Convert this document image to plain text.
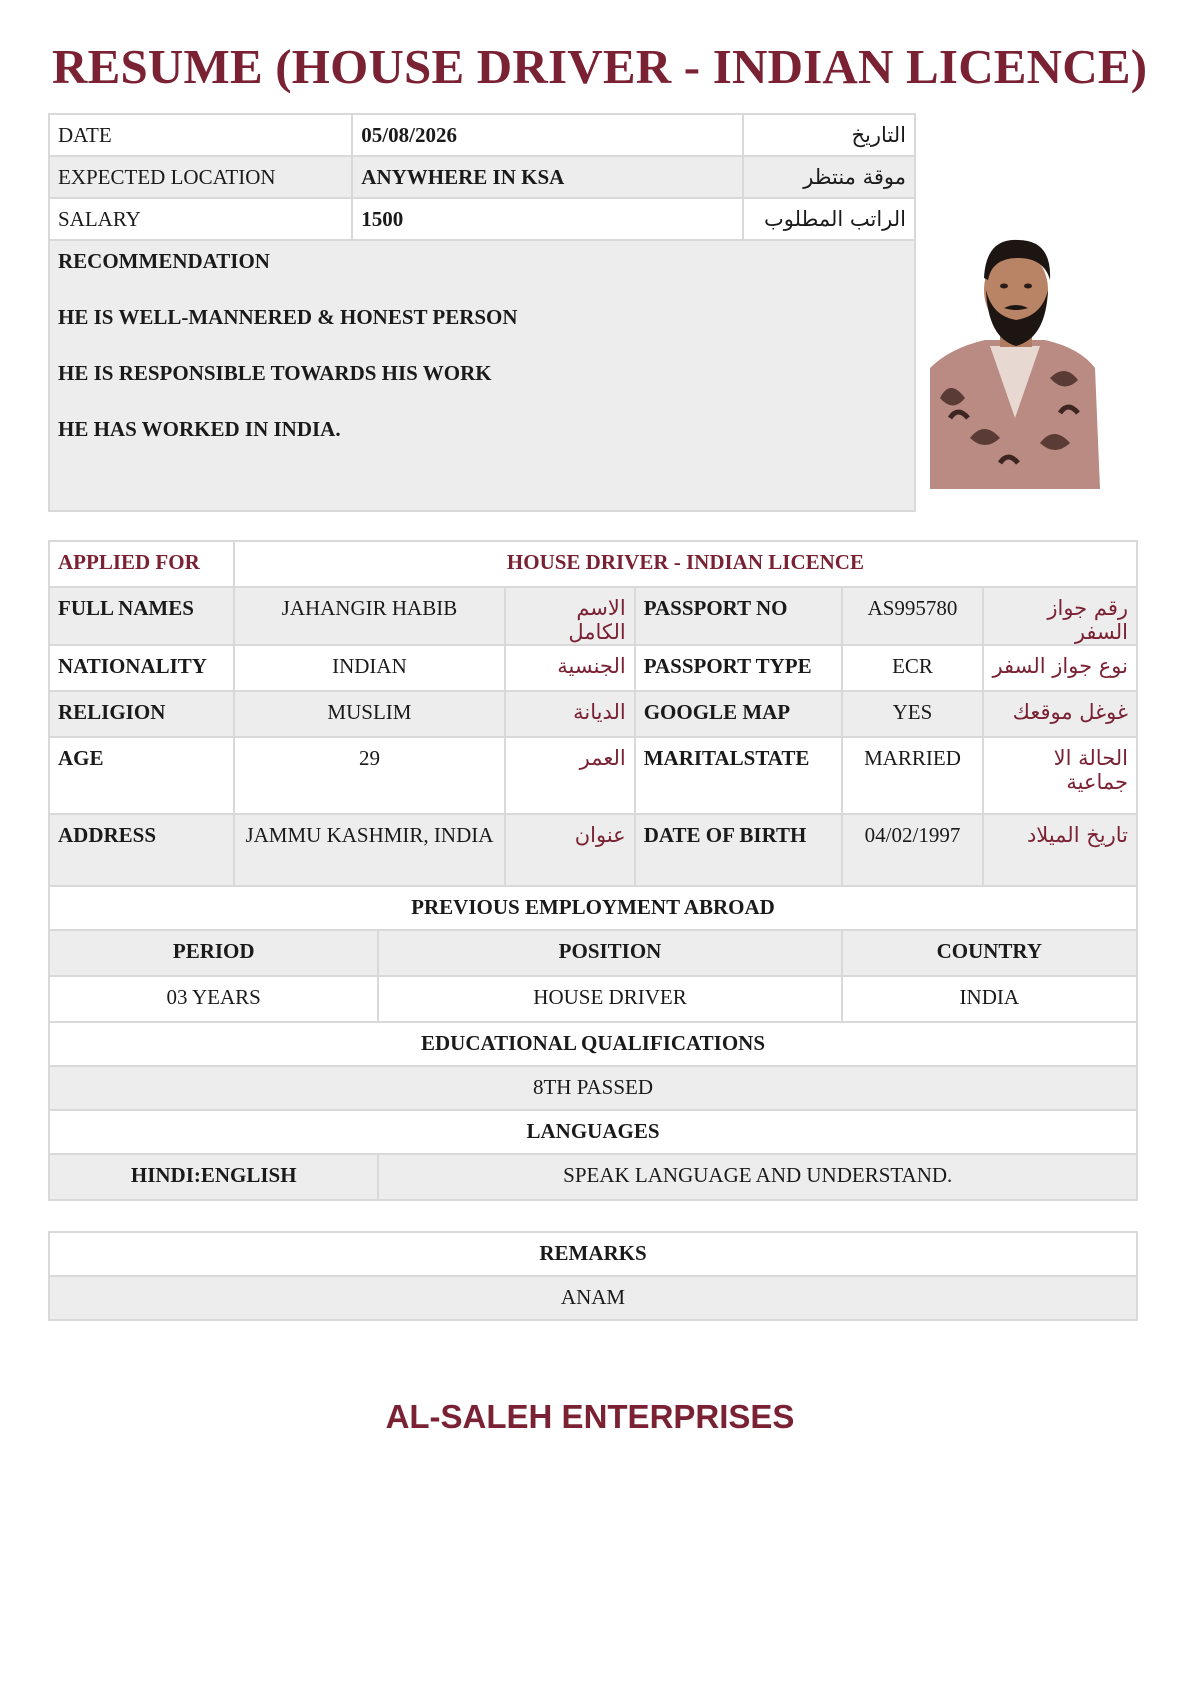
RESUME (HOUSE DRIVER - INDIAN LICENCE)
DATE	05/08/2026	التاريخ
EXPECTED LOCATION	ANYWHERE IN KSA	موقة منتظر
SALARY	1500	الراتب المطلوب

RECOMMENDATION

HE IS WELL-MANNERED & HONEST PERSON

HE IS RESPONSIBLE TOWARDS HIS WORK

HE HAS WORKED IN INDIA.		

APPLIED FOR	HOUSE DRIVER - INDIAN LICENCE					
FULL NAMES	JAHANGIR HABIB		الاسم الكامل	PASSPORT NO	AS995780	رقم جواز السفر
NATIONALITY	INDIAN		الجنسية	PASSPORT TYPE	ECR	نوع جواز السفر
RELIGION	MUSLIM		الديانة	GOOGLE MAP	YES	غوغل موقعك
AGE	29		العمر	MARITALSTATE	MARRIED	الحالة الا جماعية
ADDRESS	JAMMU KASHMIR, INDIA		عنوان	DATE OF BIRTH	04/02/1997	تاريخ الميلاد
PREVIOUS EMPLOYMENT ABROAD						
PERIOD		POSITION			COUNTRY	
03 YEARS		HOUSE DRIVER			INDIA	
EDUCATIONAL QUALIFICATIONS						
8TH PASSED						
LANGUAGES						
HINDI:ENGLISH		SPEAK LANGUAGE AND UNDERSTAND.				
REMARKS
ANAM
AL-SALEH ENTERPRISES
